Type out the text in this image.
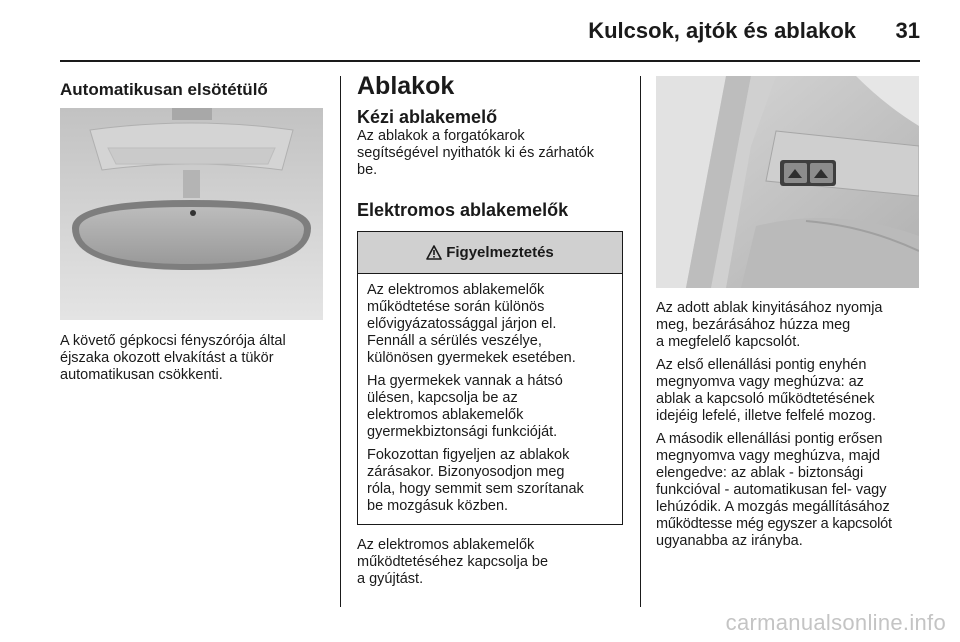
Kulcsok, ajtók és ablakok 31
Automatikusan elsötétülő

A követő gépkocsi fényszórója által

éjszaka okozott elvakítást a tükör

automatikusan csökkenti.

Ablakok
Kézi ablakemelő

Az ablakok a forgatókarok

segítségével nyithatók ki és zárhatók

be.

Elektromos ablakemelők
Figyelmeztetés

Az elektromos ablakemelők
működtetése során különös
elővigyázatossággal járjon el.
Fennáll a sérülés veszélye,
különösen gyermekek esetében.

Ha gyermekek vannak a hátsó
ülésen, kapcsolja be az
elektromos ablakemelők
gyermekbiztonsági funkcióját.

Fokozottan figyeljen az ablakok
zárásakor. Bizonyosodjon meg
róla, hogy semmit sem szorítanak
be mozgásuk közben.

Az elektromos ablakemelők

működtetéséhez kapcsolja be

a gyújtást.

Az adott ablak kinyitásához nyomja

meg, bezárásához húzza meg

a megfelelő kapcsolót.

Az első ellenállási pontig enyhén

megnyomva vagy meghúzva: az

ablak a kapcsoló működtetésének

idejéig lefelé, illetve felfelé mozog.

A második ellenállási pontig erősen

megnyomva vagy meghúzva, majd

elengedve: az ablak - biztonsági

funkcióval - automatikusan fel- vagy

lehúzódik. A mozgás megállításához

működtesse még egyszer a kapcsolót

ugyanabba az irányba.

carmanualsonline.info
